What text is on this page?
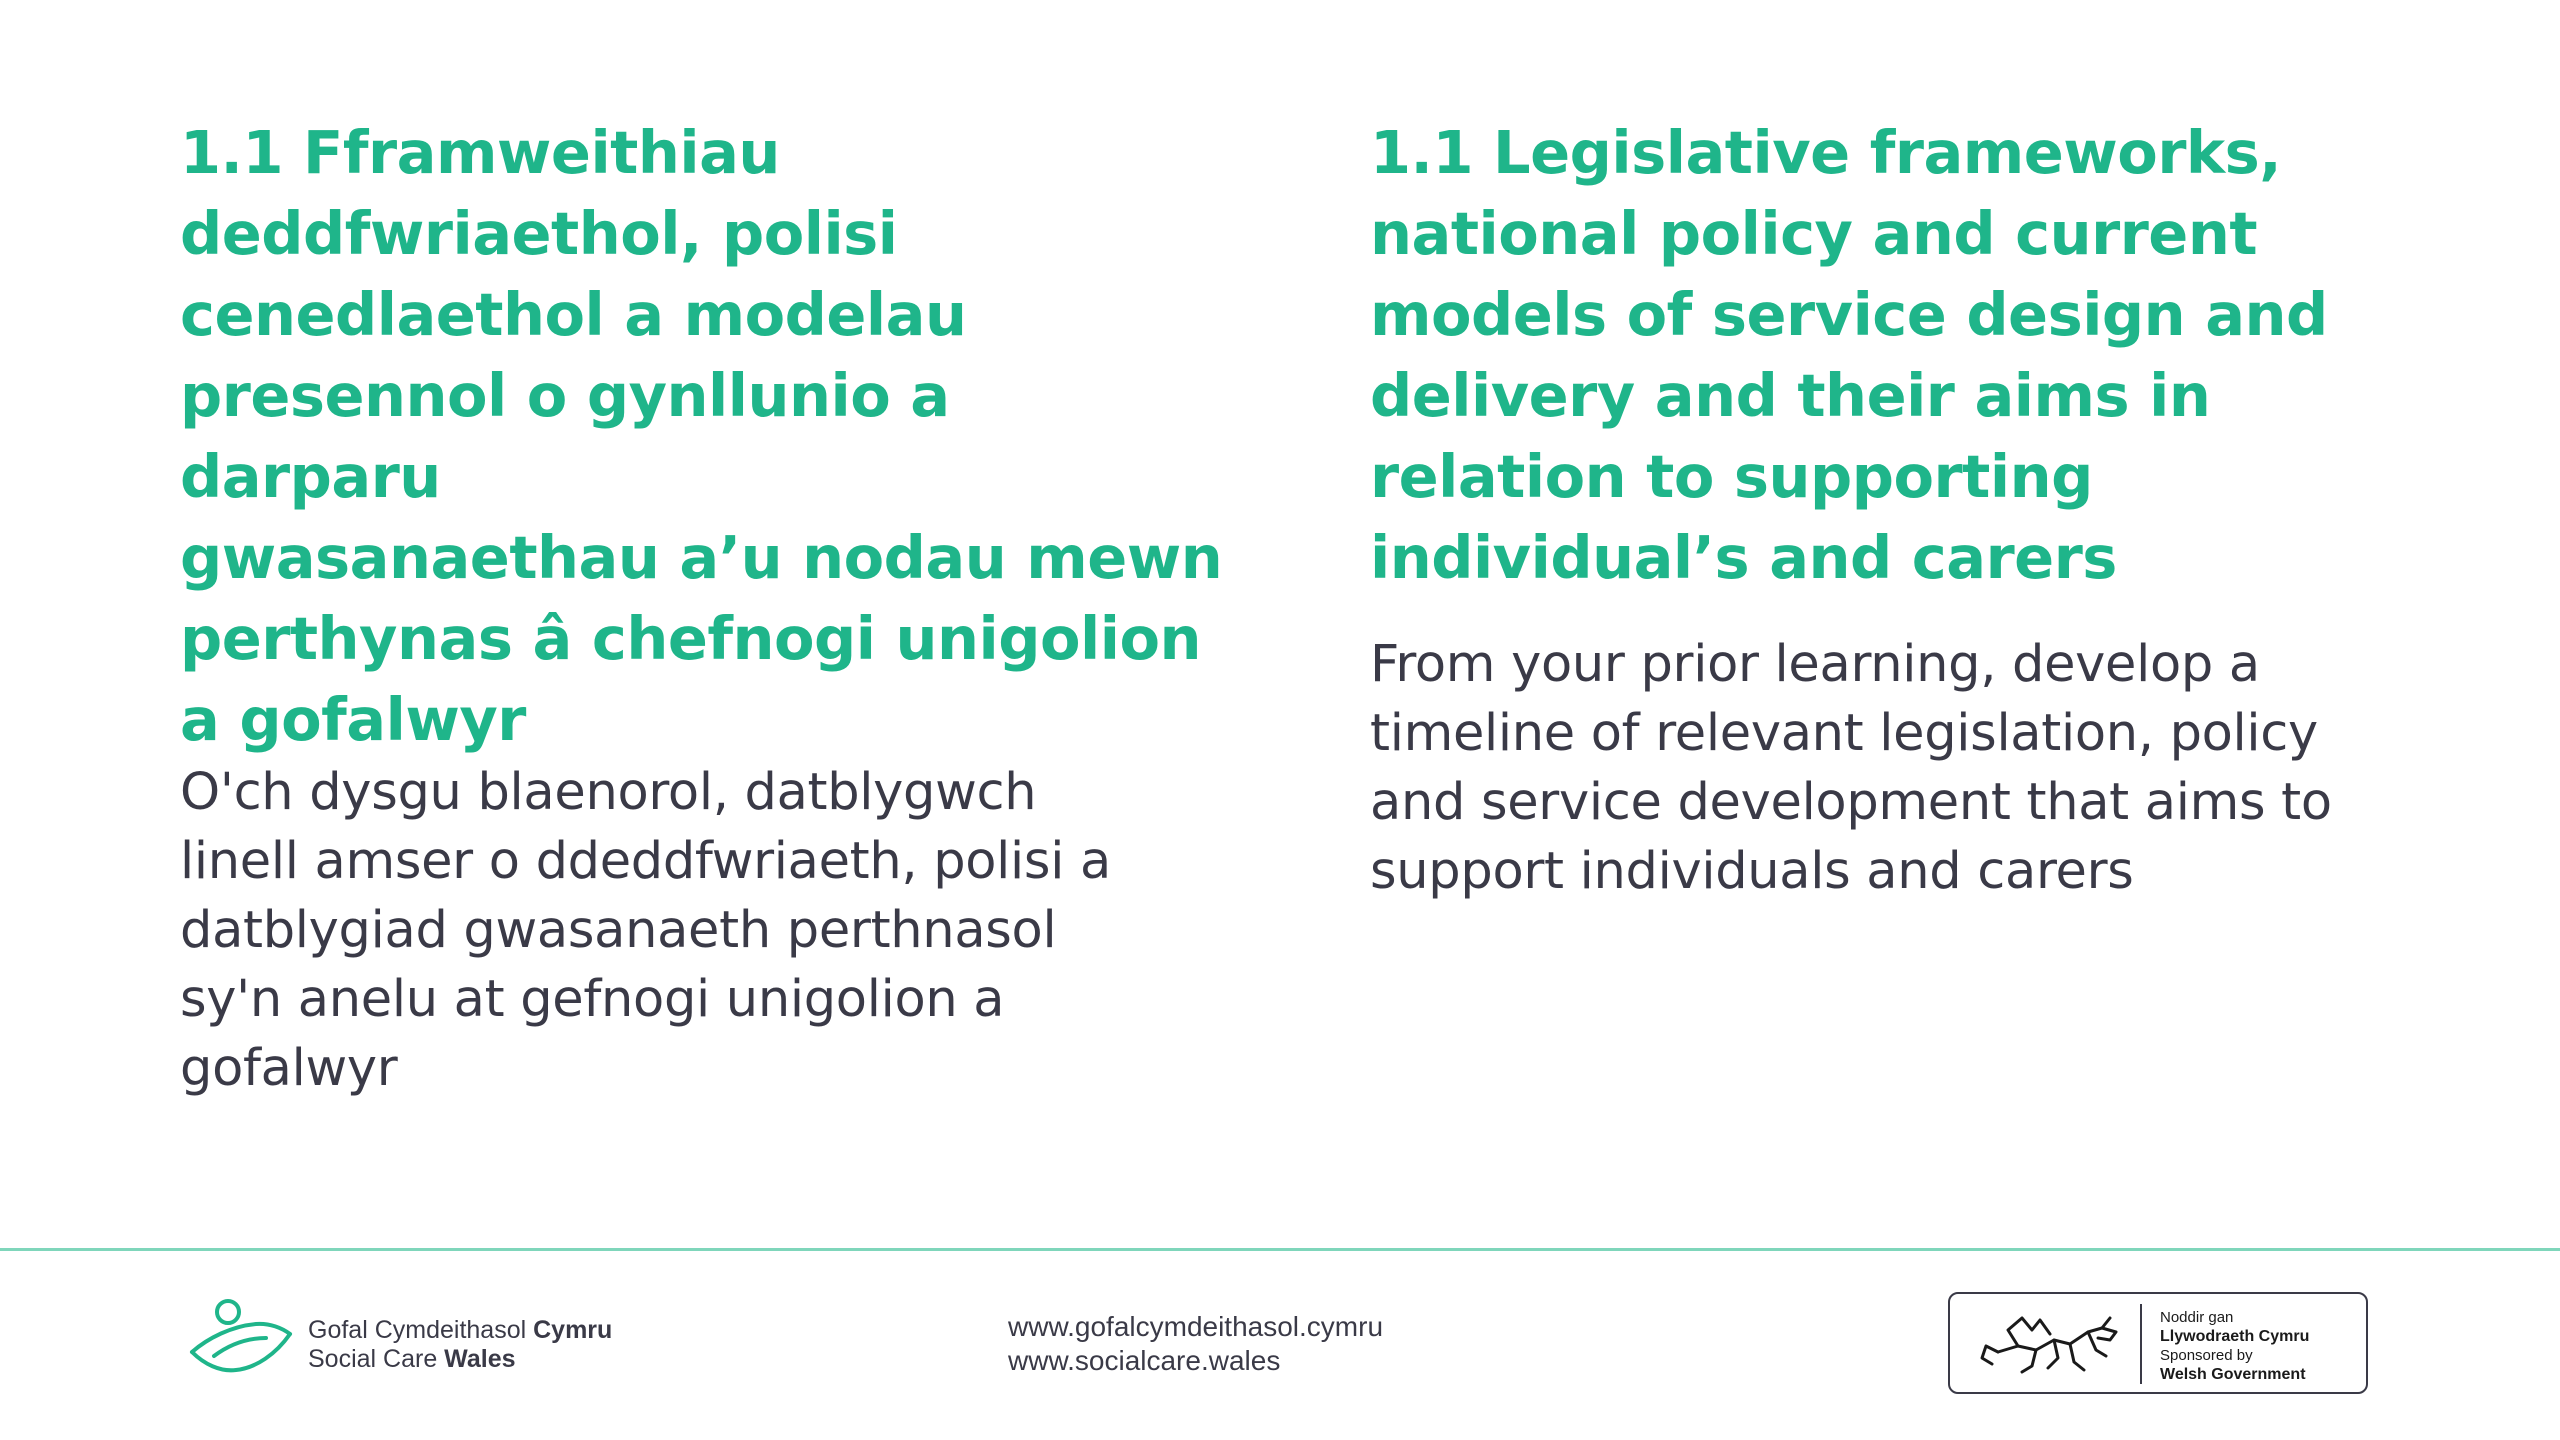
1.1 Fframweithiau
deddfwriaethol, polisi
cenedlaethol a modelau
presennol o gynllunio a darparu
gwasanaethau a’u nodau mewn
perthynas â chefnogi unigolion
a gofalwyr

O'ch dysgu blaenorol, datblygwch
linell amser o ddeddfwriaeth, polisi a
datblygiad gwasanaeth perthnasol
sy'n anelu at gefnogi unigolion a
gofalwyr

1.1 Legislative frameworks,
national policy and current
models of service design and
delivery and their aims in
relation to supporting
individual’s and carers

From your prior learning, develop a
timeline of relevant legislation, policy
and service development that aims to
support individuals and carers

Gofal Cymdeithasol Cymru
Social Care Wales
www.gofalcymdeithasol.cymru
www.socialcare.wales
Noddir gan
Llywodraeth Cymru
Sponsored by
Welsh Government
